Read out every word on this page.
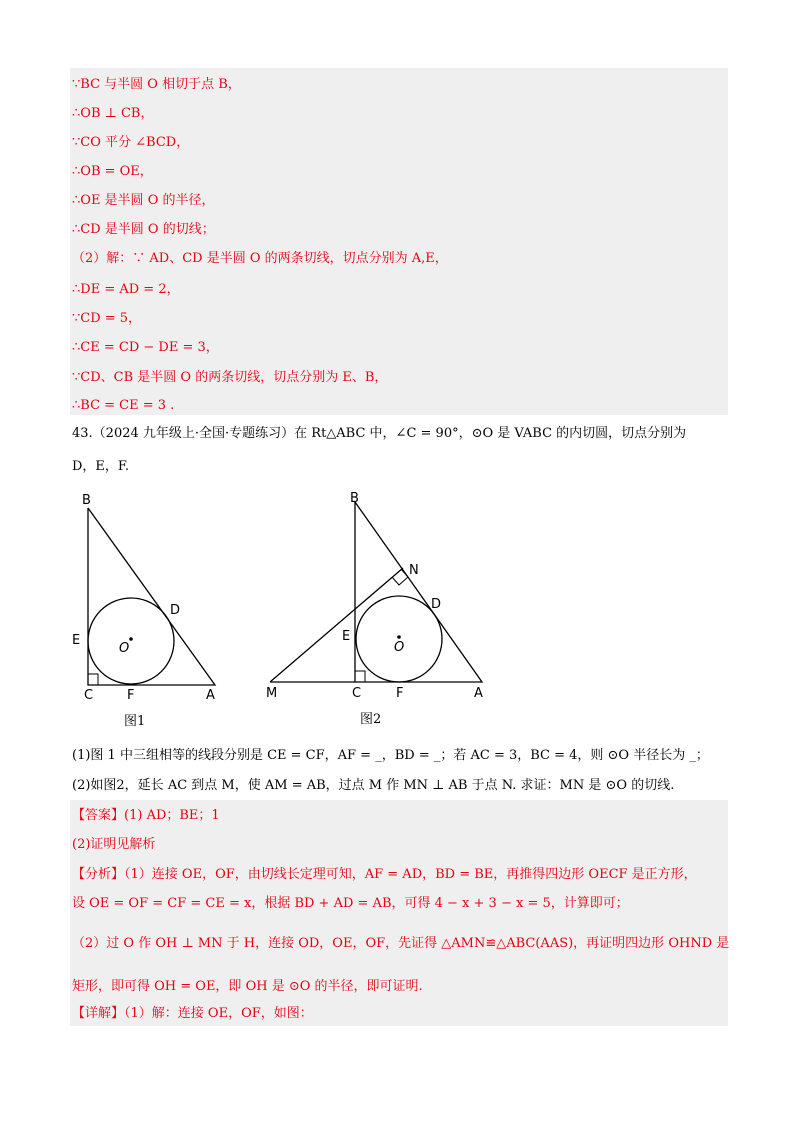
∵BC 与半圆 O 相切于点 B，
∴OB ⊥ CB，
∵CO 平分 ∠BCD，
∴OB = OE，
∴OE 是半圆 O 的半径，
∴CD 是半圆 O 的切线；
（2）解：∵ AD、CD 是半圆 O 的两条切线，切点分别为 A,E，
∴DE = AD = 2，
∵CD = 5，
∴CE = CD − DE = 3，
∵CD、CB 是半圆 O 的两条切线，切点分别为 E、B，
∴BC = CE = 3 .
43.（2024 九年级上·全国·专题练习）在 Rt△ABC 中，∠C = 90°，⊙O 是 VABC 的内切圆，切点分别为
D，E，F.
B
D
E
O
C	F	A
图1
B
N
D
E
O
M	C	F	A
图2
(1)图 1 中三组相等的线段分别是 CE = CF，AF = _，BD = _；若 AC = 3，BC = 4，则 ⊙O 半径长为 _；
(2)如图2，延长 AC 到点 M，使 AM = AB，过点 M 作 MN ⊥ AB 于点 N. 求证：MN 是 ⊙O 的切线.
【答案】(1) AD；BE；1
(2)证明见解析
【分析】（1）连接 OE，OF，由切线长定理可知，AF = AD，BD = BE，再推得四边形 OECF 是正方形，
设 OE = OF = CF = CE = x，根据 BD + AD = AB，可得 4 − x + 3 − x = 5，计算即可；
（2）过 O 作 OH ⊥ MN 于 H，连接 OD，OE，OF，先证得 △AMN≌△ABC(AAS)，再证明四边形 OHND 是
矩形，即可得 OH = OE，即 OH 是 ⊙O 的半径，即可证明.
【详解】（1）解：连接 OE，OF，如图：
